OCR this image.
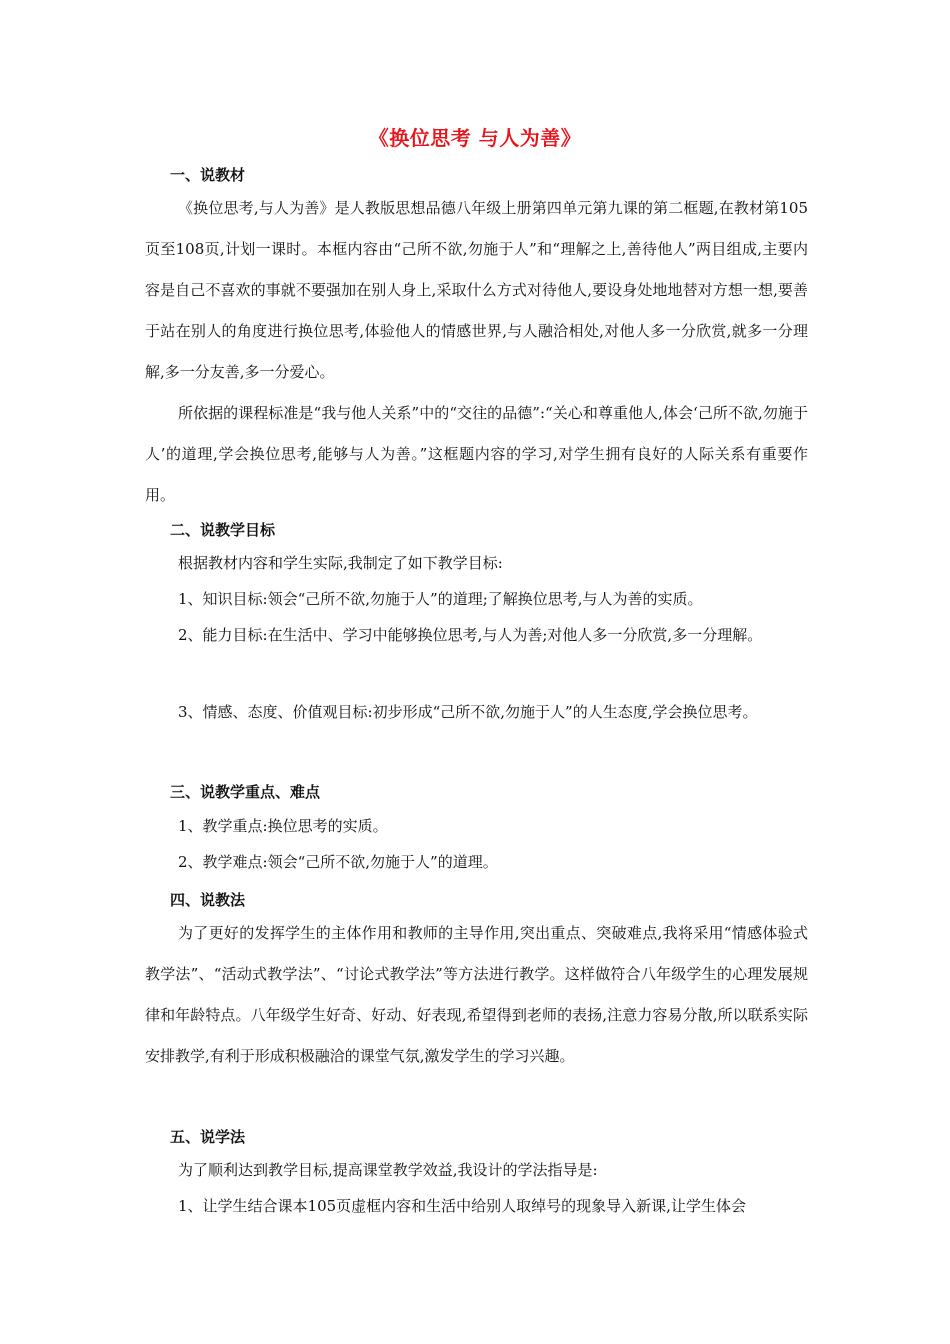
《换位思考 与人为善》
一、说教材
《换位思考,与人为善》是人教版思想品德八年级上册第四单元第九课的第二框题,在教材第105页至108页,计划一课时。本框内容由“己所不欲,勿施于人”和“理解之上,善待他人”两目组成,主要内容是自己不喜欢的事就不要强加在别人身上,采取什么方式对待他人,要设身处地地替对方想一想,要善于站在别人的角度进行换位思考,体验他人的情感世界,与人融洽相处,对他人多一分欣赏,就多一分理解,多一分友善,多一分爱心。
所依据的课程标准是“我与他人关系”中的“交往的品德”:“关心和尊重他人,体会‘己所不欲,勿施于人’的道理,学会换位思考,能够与人为善。”这框题内容的学习,对学生拥有良好的人际关系有重要作用。
二、说教学目标
根据教材内容和学生实际,我制定了如下教学目标:
1、知识目标:领会“己所不欲,勿施于人”的道理;了解换位思考,与人为善的实质。
2、能力目标:在生活中、学习中能够换位思考,与人为善;对他人多一分欣赏,多一分理解。
3、情感、态度、价值观目标:初步形成“己所不欲,勿施于人”的人生态度,学会换位思考。
三、说教学重点、难点
1、教学重点:换位思考的实质。
2、教学难点:领会“己所不欲,勿施于人”的道理。
四、说教法
为了更好的发挥学生的主体作用和教师的主导作用,突出重点、突破难点,我将采用“情感体验式教学法”、“活动式教学法”、“讨论式教学法”等方法进行教学。这样做符合八年级学生的心理发展规律和年龄特点。八年级学生好奇、好动、好表现,希望得到老师的表扬,注意力容易分散,所以联系实际安排教学,有利于形成积极融洽的课堂气氛,激发学生的学习兴趣。
五、说学法
为了顺利达到教学目标,提高课堂教学效益,我设计的学法指导是:
1、让学生结合课本105页虚框内容和生活中给别人取绰号的现象导入新课,让学生体会
